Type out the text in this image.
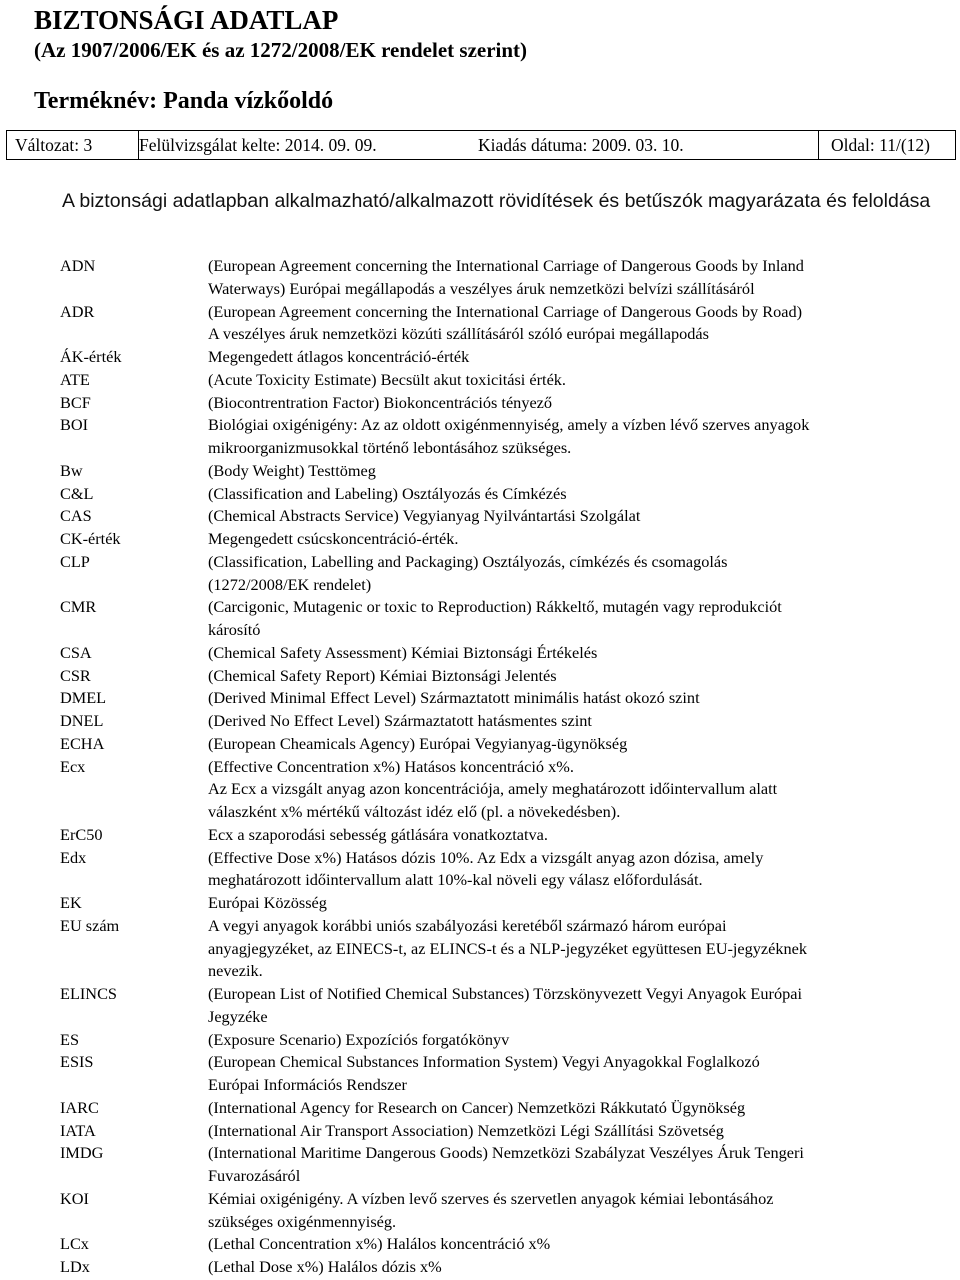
BIZTONSÁGI ADATLAP
(Az 1907/2006/EK és az 1272/2008/EK rendelet szerint)
Terméknév: Panda vízkőoldó
Változat: 3	Felülvizsgálat kelte: 2014. 09. 09.	Kiadás dátuma: 2009. 03. 10.	Oldal: 11/(12)
A biztonsági adatlapban alkalmazható/alkalmazott rövidítések és betűszók magyarázata és feloldása
ADN	(European Agreement concerning the International Carriage of Dangerous Goods by Inland
Waterways) Európai megállapodás a veszélyes áruk nemzetközi belvízi szállításáról
ADR	(European Agreement concerning the International Carriage of Dangerous Goods by Road)
A veszélyes áruk nemzetközi közúti szállításáról szóló európai megállapodás
ÁK-érték	Megengedett átlagos koncentráció-érték
ATE	(Acute Toxicity Estimate) Becsült akut toxicitási érték.
BCF	(Biocontrentration Factor) Biokoncentrációs tényező
BOI	Biológiai oxigénigény: Az az oldott oxigénmennyiség, amely a vízben lévő szerves anyagok
mikroorganizmusokkal történő lebontásához szükséges.
Bw	(Body Weight) Testtömeg
C&L	(Classification and Labeling) Osztályozás és Címkézés
CAS	(Chemical Abstracts Service) Vegyianyag Nyilvántartási Szolgálat
CK-érték	Megengedett csúcskoncentráció-érték.
CLP	(Classification, Labelling and Packaging) Osztályozás, címkézés és csomagolás
(1272/2008/EK rendelet)
CMR	(Carcigonic, Mutagenic or toxic to Reproduction) Rákkeltő, mutagén vagy reprodukciót
károsító
CSA	(Chemical Safety Assessment) Kémiai Biztonsági Értékelés
CSR	(Chemical Safety Report) Kémiai Biztonsági Jelentés
DMEL	(Derived Minimal Effect Level) Származtatott minimális hatást okozó szint
DNEL	(Derived No Effect Level) Származtatott hatásmentes szint
ECHA	(European Cheamicals Agency) Európai Vegyianyag-ügynökség
Ecx	(Effective Concentration x%) Hatásos koncentráció x%.
Az Ecx a vizsgált anyag azon koncentrációja, amely meghatározott időintervallum alatt
válaszként x% mértékű változást idéz elő (pl. a növekedésben).
ErC50	Ecx a szaporodási sebesség gátlására vonatkoztatva.
Edx	(Effective Dose x%) Hatásos dózis 10%. Az Edx a vizsgált anyag azon dózisa, amely
meghatározott időintervallum alatt 10%-kal növeli egy válasz előfordulását.
EK	Európai Közösség
EU szám	A vegyi anyagok korábbi uniós szabályozási keretéből származó három európai
anyagjegyzéket, az EINECS-t, az ELINCS-t és a NLP-jegyzéket együttesen EU-jegyzéknek
nevezik.
ELINCS	(European List of Notified Chemical Substances) Törzskönyvezett Vegyi Anyagok Európai
Jegyzéke
ES	(Exposure Scenario) Expozíciós forgatókönyv
ESIS	(European Chemical Substances Information System) Vegyi Anyagokkal Foglalkozó
Európai Információs Rendszer
IARC	(International Agency for Research on Cancer) Nemzetközi Rákkutató Ügynökség
IATA	(International Air Transport Association) Nemzetközi Légi Szállítási Szövetség
IMDG	(International Maritime Dangerous Goods) Nemzetközi Szabályzat Veszélyes Áruk Tengeri
Fuvarozásáról
KOI	Kémiai oxigénigény. A vízben levő szerves és szervetlen anyagok kémiai lebontásához
szükséges oxigénmennyiség.
LCx	(Lethal Concentration x%) Halálos koncentráció x%
LDx	(Lethal Dose x%) Halálos dózis x%
